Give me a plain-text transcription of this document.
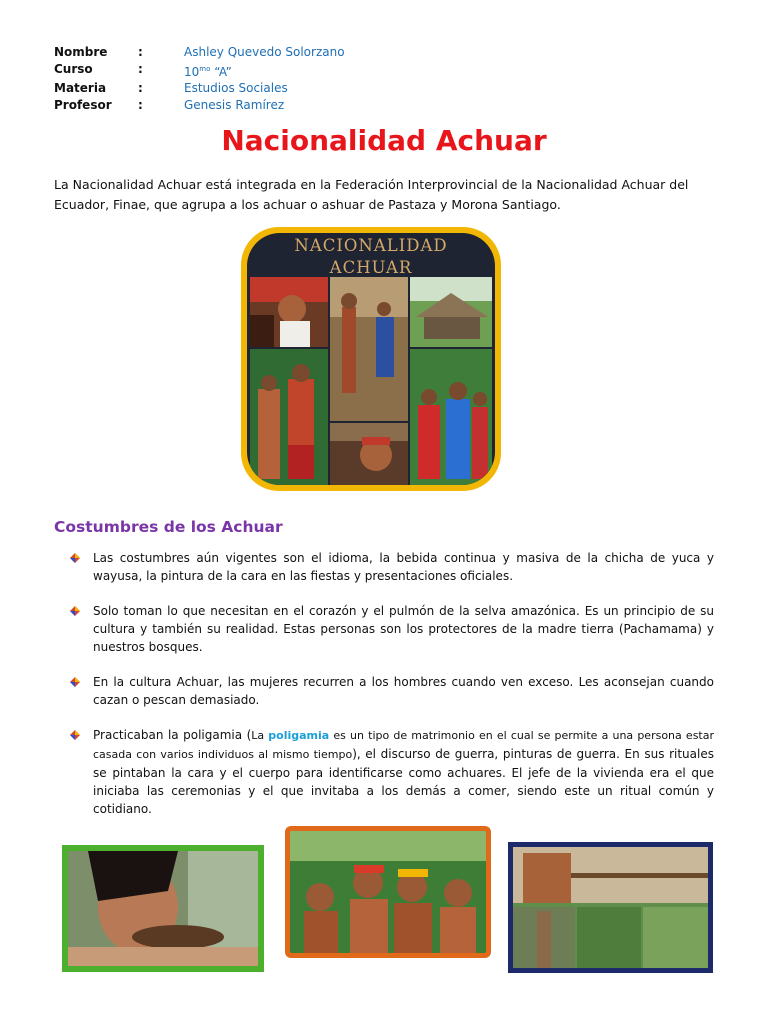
Nombre	:	Ashley Quevedo Solorzano
Curso	:	$10^{mo}$ “A”
Materia	:	Estudios Sociales
Profesor	:	Genesis Ramírez
Nacionalidad Achuar

La Nacionalidad Achuar está integrada en la Federación Interprovincial de la Nacionalidad Achuar del Ecuador, Finae, que agrupa a los achuar o ashuar de Pastaza y Morona Santiago.

NACIONALIDAD
ACHUAR
Costumbres de los Achuar
Las costumbres aún vigentes son el idioma, la bebida continua y masiva de la chicha de yuca y wayusa, la pintura de la cara en las fiestas y presentaciones oficiales.
Solo toman lo que necesitan en el corazón y el pulmón de la selva amazónica. Es un principio de su cultura y también su realidad. Estas personas son los protectores de la madre tierra (Pachamama) y nuestros bosques.
En la cultura Achuar, las mujeres recurren a los hombres cuando ven exceso. Les aconsejan cuando cazan o pescan demasiado.
Practicaban la poligamia (La poligamia es un tipo de matrimonio en el cual se permite a una persona estar casada con varios individuos al mismo tiempo), el discurso de guerra, pinturas de guerra. En sus rituales se pintaban la cara y el cuerpo para identificarse como achuares. El jefe de la vivienda era el que iniciaba las ceremonias y el que invitaba a los demás a comer, siendo este un ritual común y cotidiano.
